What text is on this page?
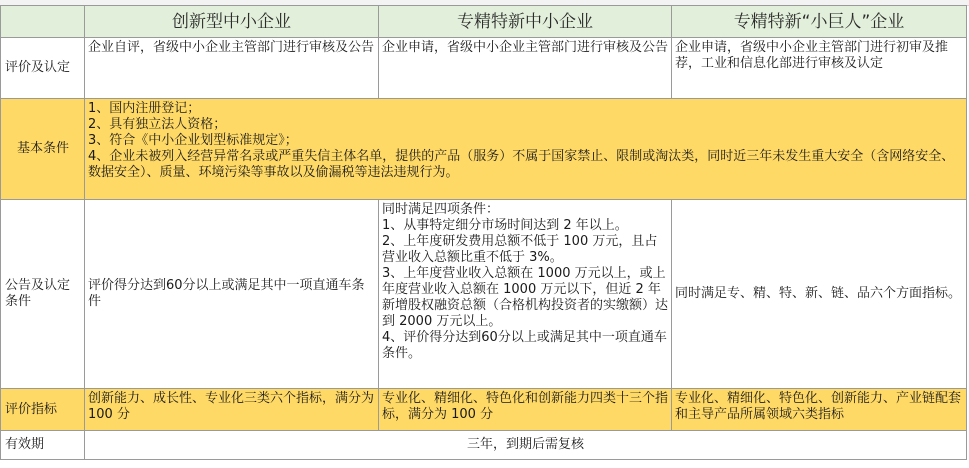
	创新型中小企业	专精特新中小企业	专精特新“小巨人”企业
评价及认定	企业自评，省级中小企业主管部门进行审核及公告	企业申请，省级中小企业主管部门进行审核及公告	企业申请，省级中小企业主管部门进行初审及推荐，工业和信息化部进行审核及认定
基本条件	1、国内注册登记；
2、具有独立法人资格；
3、符合《中小企业划型标准规定》；
4、企业未被列入经营异常名录或严重失信主体名单，提供的产品（服务）不属于国家禁止、限制或淘汰类，同时近三年未发生重大安全（含网络安全、数据安全）、质量、环境污染等事故以及偷漏税等违法违规行为。		

公告及认定条件	评价得分达到60分以上或满足其中一项直通车条件	同时满足四项条件：
1、从事特定细分市场时间达到 2 年以上。
2、上年度研发费用总额不低于 100 万元，且占营业收入总额比重不低于 3%。
3、上年度营业收入总额在 1000 万元以上，或上年度营业收入总额在 1000 万元以下，但近 2 年新增股权融资总额（合格机构投资者的实缴额）达到 2000 万元以上。
4、评价得分达到60分以上或满足其中一项直通车条件。	同时满足专、精、特、新、链、品六个方面指标。
评价指标	创新能力、成长性、专业化三类六个指标，满分为 100 分	专业化、精细化、特色化和创新能力四类十三个指标，满分为 100 分	专业化、精细化、特色化、创新能力、产业链配套和主导产品所属领域六类指标
有效期	三年，到期后需复核		
